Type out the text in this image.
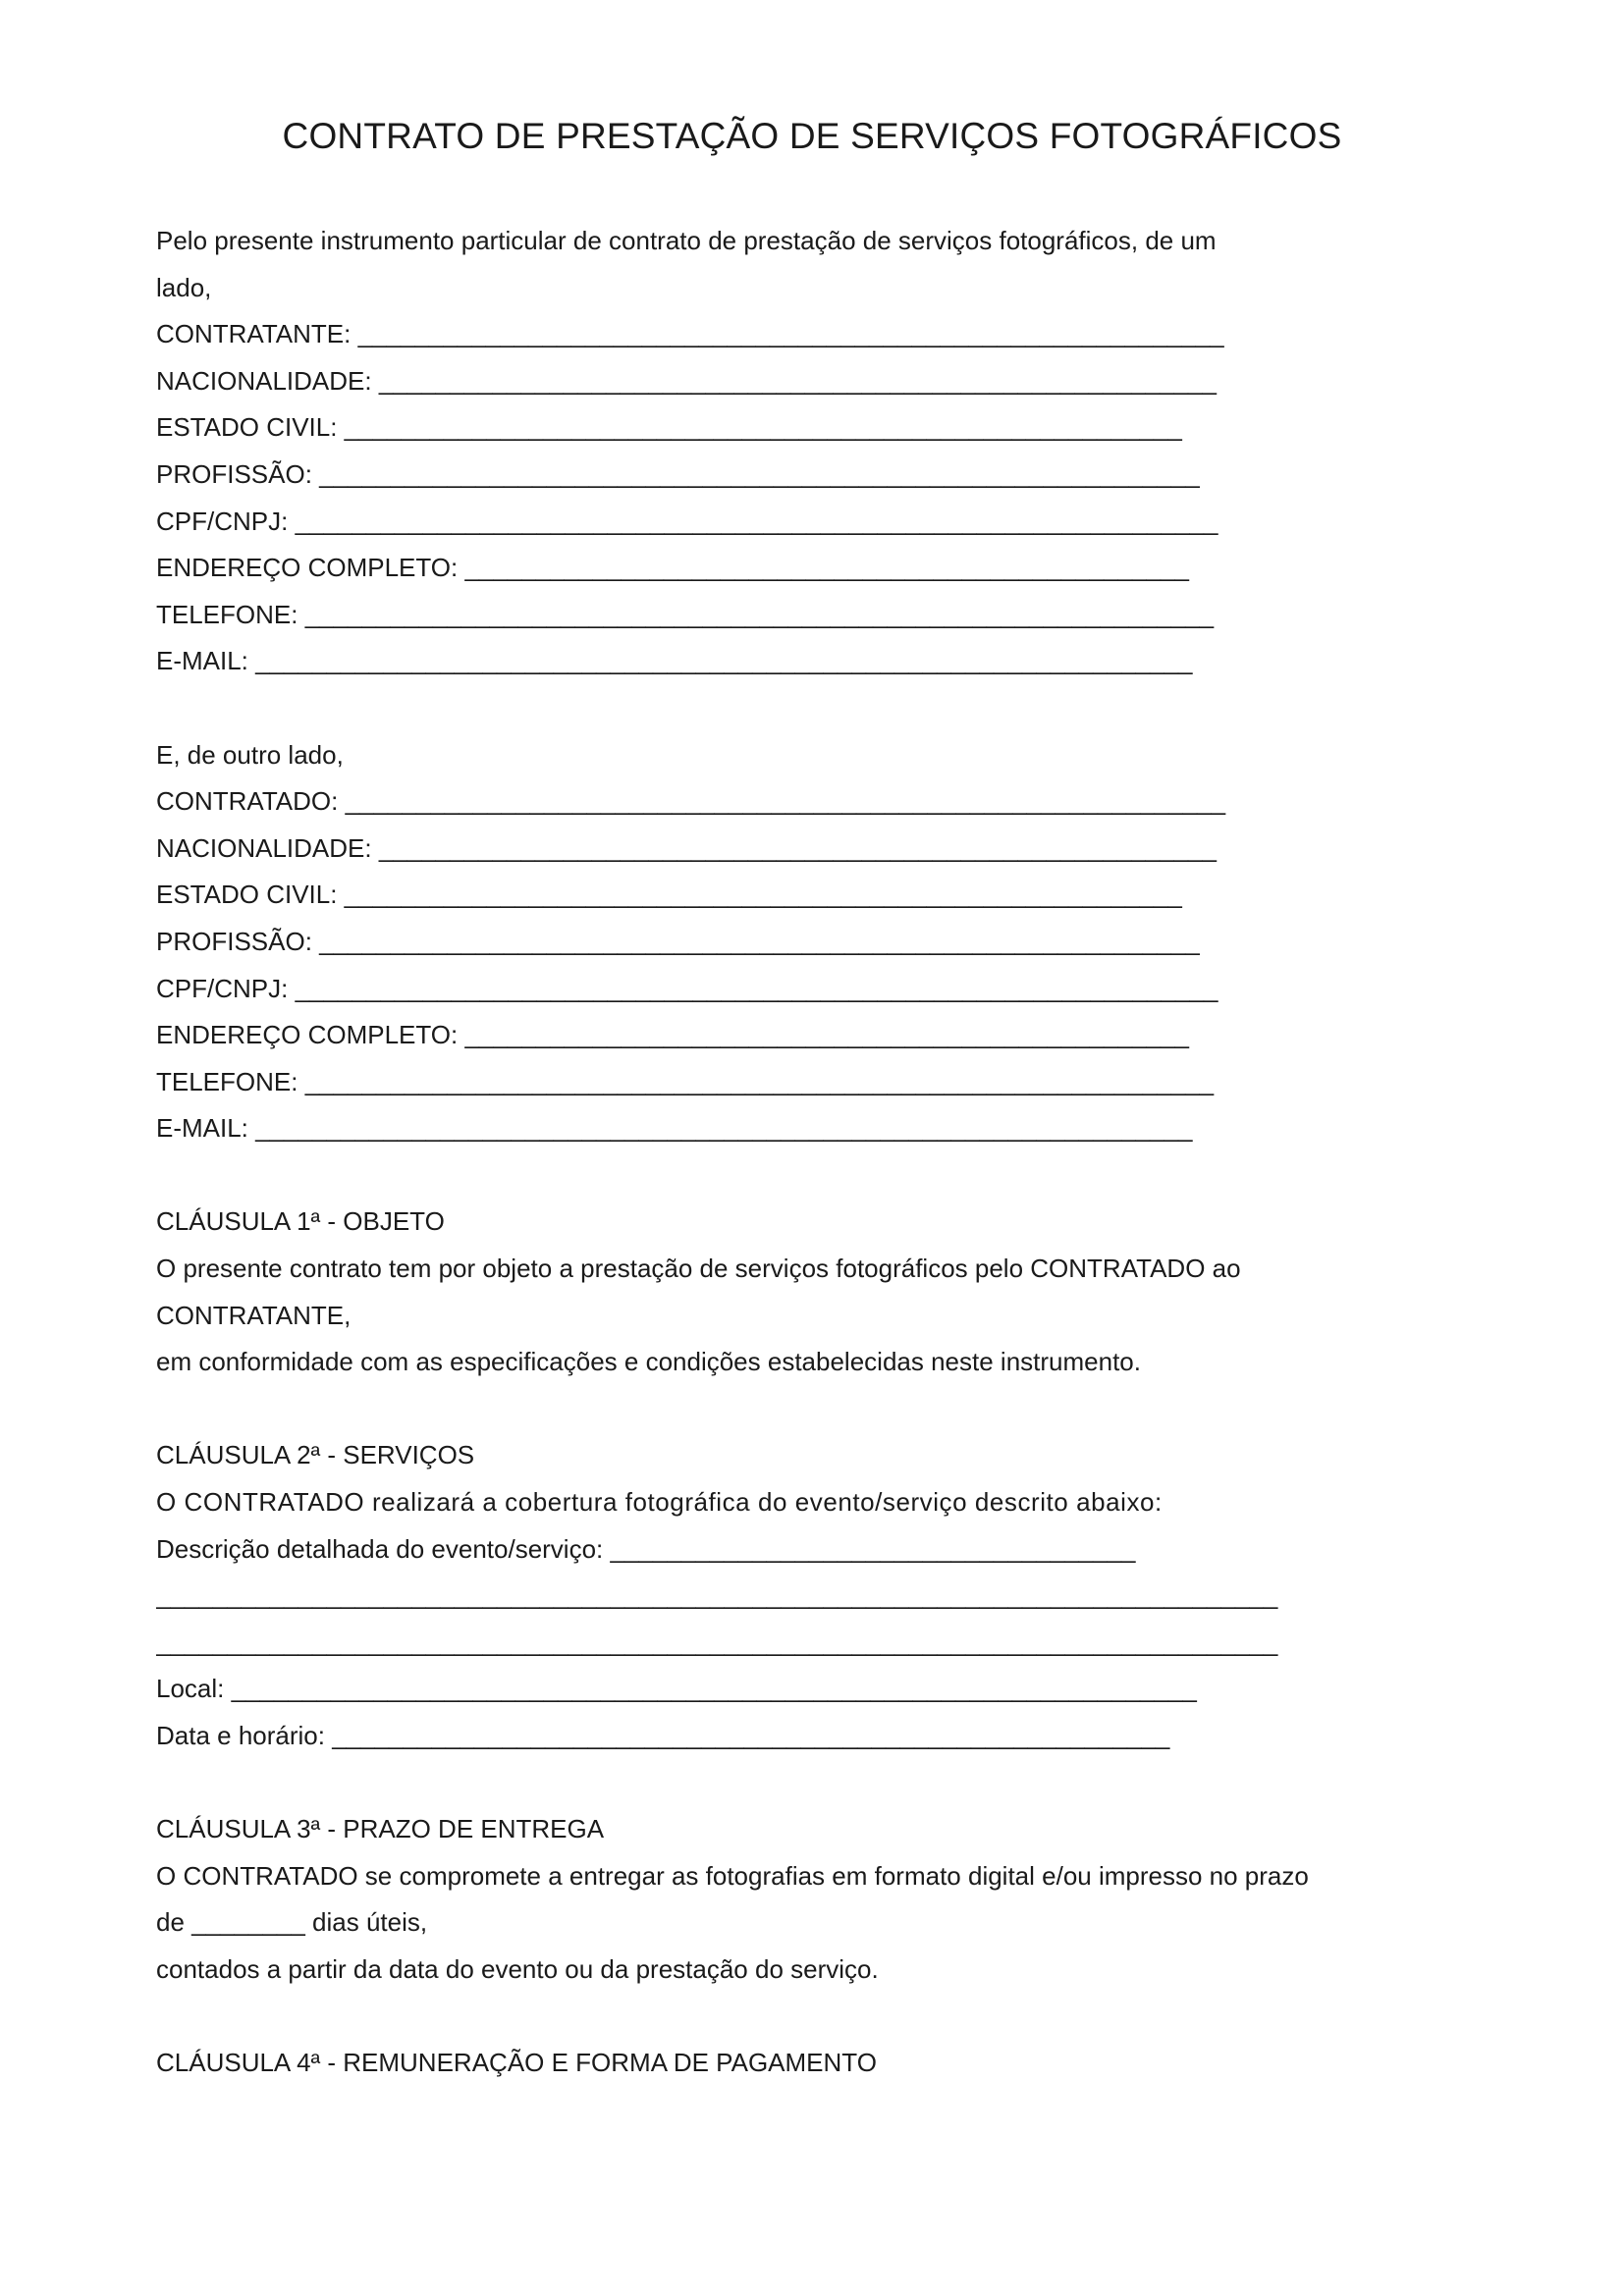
CONTRATO DE PRESTAÇÃO DE SERVIÇOS FOTOGRÁFICOS
Pelo presente instrumento particular de contrato de prestação de serviços fotográficos, de um
lado,
CONTRATANTE: _____________________________________________________________
NACIONALIDADE: ___________________________________________________________
ESTADO CIVIL: ___________________________________________________________
PROFISSÃO: ______________________________________________________________
CPF/CNPJ: _________________________________________________________________
ENDEREÇO COMPLETO: ___________________________________________________
TELEFONE: ________________________________________________________________
E-MAIL: __________________________________________________________________
E, de outro lado,
CONTRATADO: ______________________________________________________________
NACIONALIDADE: ___________________________________________________________
ESTADO CIVIL: ___________________________________________________________
PROFISSÃO: ______________________________________________________________
CPF/CNPJ: _________________________________________________________________
ENDEREÇO COMPLETO: ___________________________________________________
TELEFONE: ________________________________________________________________
E-MAIL: __________________________________________________________________
CLÁUSULA 1ª - OBJETO
O presente contrato tem por objeto a prestação de serviços fotográficos pelo CONTRATADO ao
CONTRATANTE,
em conformidade com as especificações e condições estabelecidas neste instrumento.
CLÁUSULA 2ª - SERVIÇOS
O CONTRATADO realizará a cobertura fotográfica do evento/serviço descrito abaixo:
Descrição detalhada do evento/serviço: _____________________________________
_______________________________________________________________________________
_______________________________________________________________________________
Local: ____________________________________________________________________
Data e horário: ___________________________________________________________
CLÁUSULA 3ª - PRAZO DE ENTREGA
O CONTRATADO se compromete a entregar as fotografias em formato digital e/ou impresso no prazo
de ________ dias úteis,
contados a partir da data do evento ou da prestação do serviço.
CLÁUSULA 4ª - REMUNERAÇÃO E FORMA DE PAGAMENTO
